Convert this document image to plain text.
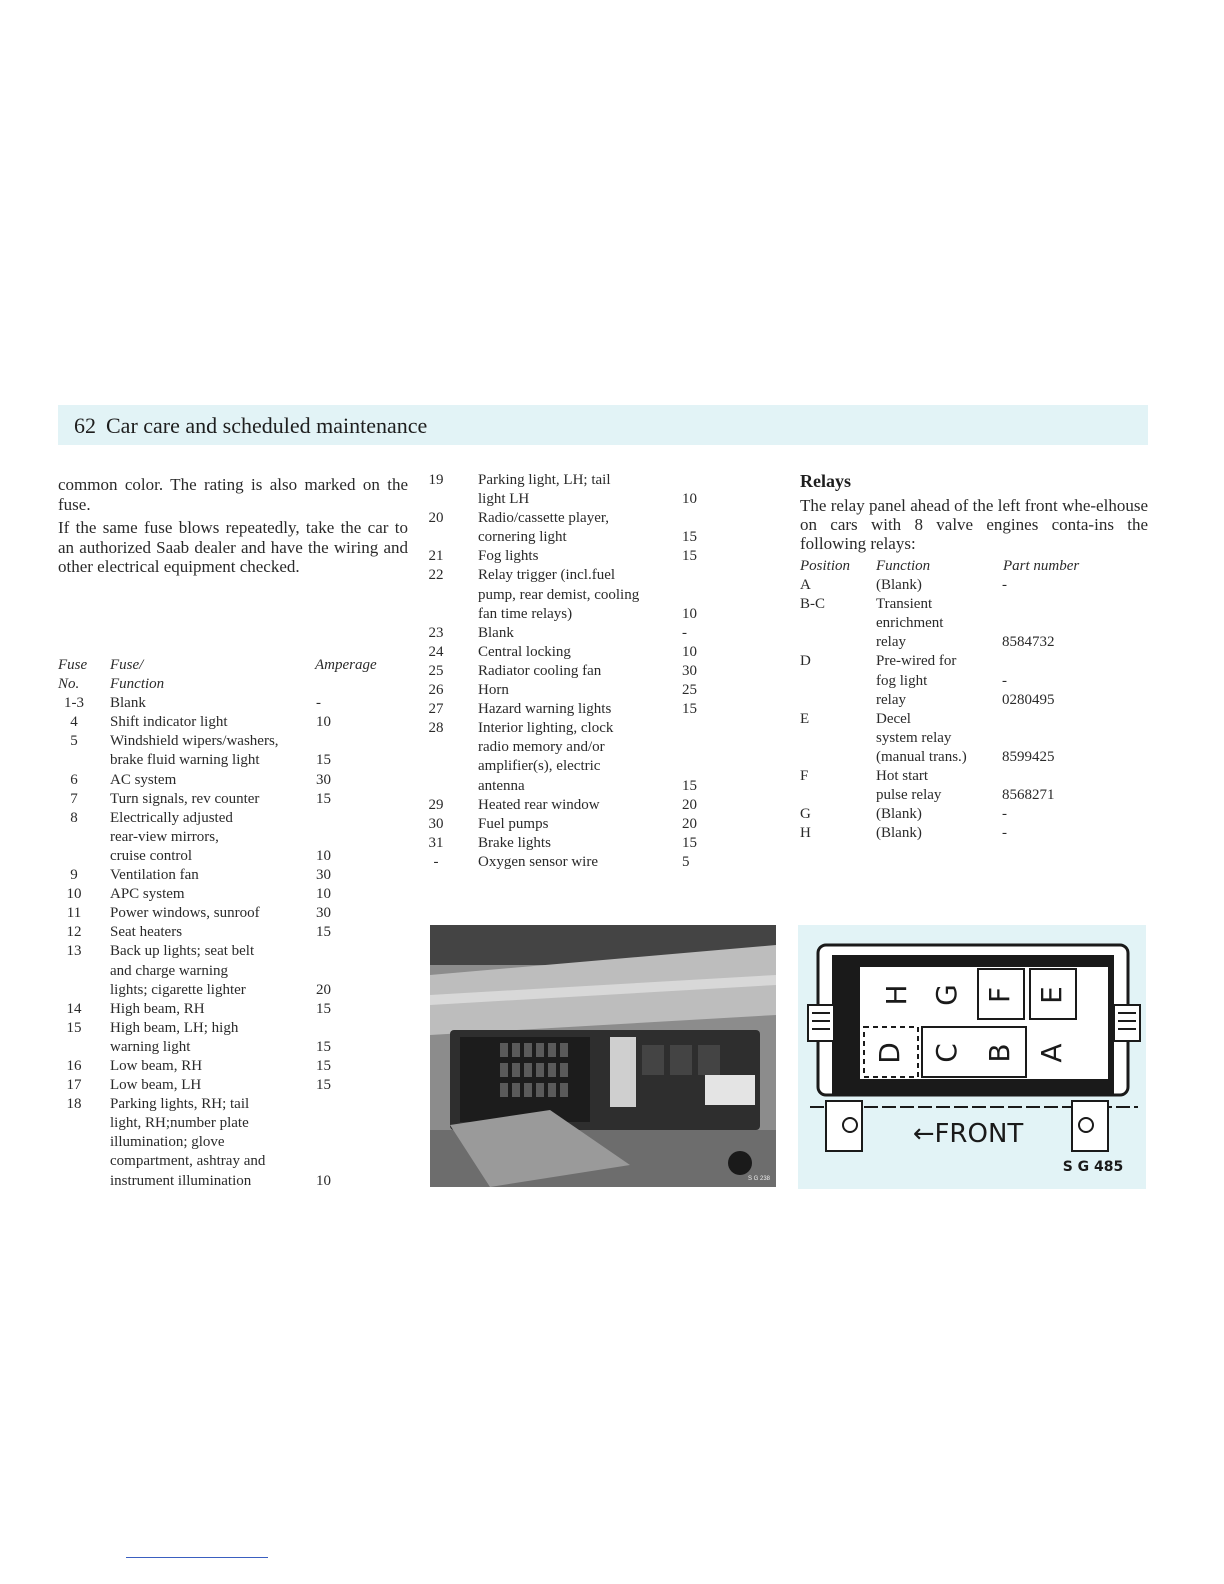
62 Car care and scheduled maintenance
common color. The rating is also marked on the fuse.
If the same fuse blows repeatedly, take the car to an authorized Saab dealer and have the wiring and other electrical equipment checked.
Fuse	Fuse/	Amperage
No.	Function
1-3	Blank	-
4	Shift indicator light	10
5	Windshield wipers/washers,
brake fluid warning light	15
6	AC system	30
7	Turn signals, rev counter	15
8	Electrically adjusted
rear-view mirrors,
cruise control	10
9	Ventilation fan	30
10	APC system	10
11	Power windows, sunroof	30
12	Seat heaters	15
13	Back up lights; seat belt
and charge warning
lights; cigarette lighter	20
14	High beam, RH	15
15	High beam, LH; high
warning light	15
16	Low beam, RH	15
17	Low beam, LH	15
18	Parking lights, RH; tail
light, RH;number plate
illumination; glove
compartment, ashtray and
instrument illumination	10
19	Parking light, LH; tail
light LH	10
20	Radio/cassette player,
cornering light	15
21	Fog lights	15
22	Relay trigger (incl.fuel
pump, rear demist, cooling
fan time relays)	10
23	Blank	-
24	Central locking	10
25	Radiator cooling fan	30
26	Horn	25
27	Hazard warning lights	15
28	Interior lighting, clock
radio memory and/or
amplifier(s), electric
antenna	15
29	Heated rear window	20
30	Fuel pumps	20
31	Brake lights	15
-	Oxygen sensor wire	5
Relays
The relay panel ahead of the left front whe-elhouse on cars with 8 valve engines conta-ins the following relays:
Position Function	Part number
A	(Blank)	-
B-C	Transient
enrichment
relay	8584732
D	Pre-wired for
fog light	-
relay	0280495
E	Decel
system relay
(manual trans.) 8599425
F	Hot start
pulse relay	8568271
G	(Blank)	-
H	(Blank)	-
S G 238
H G F E
D C B A
←FRONT
S G 485
